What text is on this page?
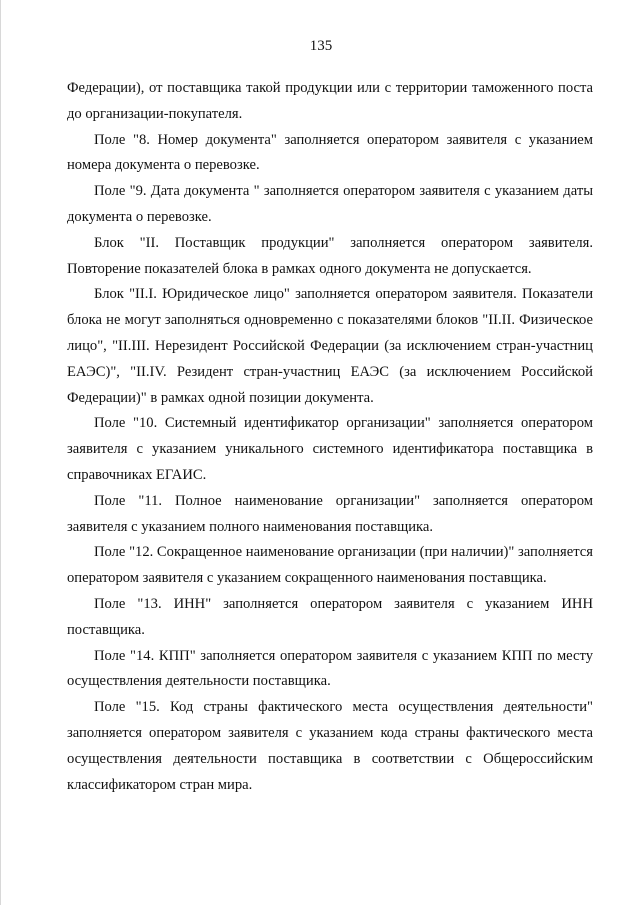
135

Федерации), от поставщика такой продукции или с территории таможенного поста до организации-покупателя.

Поле "8. Номер документа" заполняется оператором заявителя с указанием номера документа о перевозке.

Поле "9. Дата документа " заполняется оператором заявителя с указанием даты документа о перевозке.

Блок "II. Поставщик продукции" заполняется оператором заявителя. Повторение показателей блока в рамках одного документа не допускается.

Блок "II.I. Юридическое лицо" заполняется оператором заявителя. Показатели блока не могут заполняться одновременно с показателями блоков "II.II. Физическое лицо", "II.III. Нерезидент Российской Федерации (за исключением стран-участниц ЕАЭС)", "II.IV. Резидент стран-участниц ЕАЭС (за исключением Российской Федерации)" в рамках одной позиции документа.

Поле "10. Системный идентификатор организации" заполняется оператором заявителя с указанием уникального системного идентификатора поставщика в справочниках ЕГАИС.

Поле "11. Полное наименование организации" заполняется оператором заявителя с указанием полного наименования поставщика.

Поле "12. Сокращенное наименование организации (при наличии)" заполняется оператором заявителя с указанием сокращенного наименования поставщика.

Поле "13. ИНН" заполняется оператором заявителя с указанием ИНН поставщика.

Поле "14. КПП" заполняется оператором заявителя с указанием КПП по месту осуществления деятельности поставщика.

Поле "15. Код страны фактического места осуществления деятельности" заполняется оператором заявителя с указанием кода страны фактического места осуществления деятельности поставщика в соответствии с Общероссийским классификатором стран мира.
